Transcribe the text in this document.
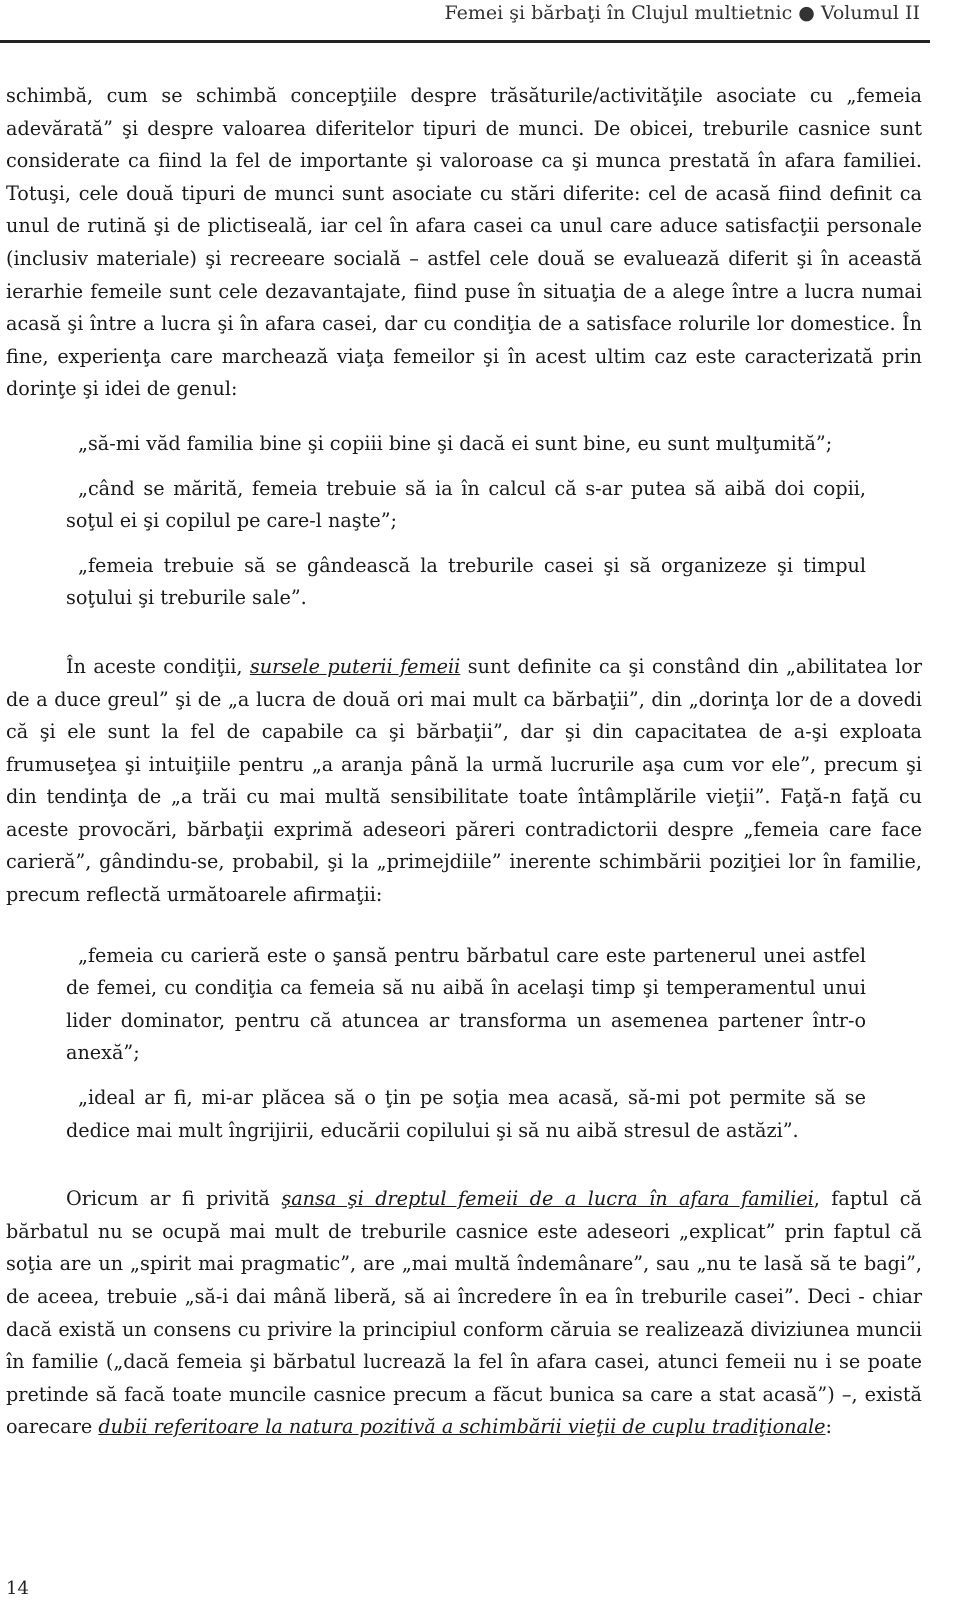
Femei şi bărbaţi în Clujul multietnic ● Volumul II

schimbă, cum se schimbă concepţiile despre trăsăturile/activităţile asociate cu „femeia adevărată” şi despre valoarea diferitelor tipuri de munci. De obicei, treburile casnice sunt considerate ca fiind la fel de importante şi valoroase ca şi munca prestată în afara familiei. Totuşi, cele două tipuri de munci sunt asociate cu stări diferite: cel de acasă fiind definit ca unul de rutină şi de plictiseală, iar cel în afara casei ca unul care aduce satisfacţii personale (inclusiv materiale) şi recreeare socială – astfel cele două se evaluează diferit şi în această ierarhie femeile sunt cele dezavantajate, fiind puse în situaţia de a alege între a lucra numai acasă şi între a lucra şi în afara casei, dar cu condiţia de a satisface rolurile lor domestice. În fine, experienţa care marchează viaţa femeilor şi în acest ultim caz este caracterizată prin dorinţe şi idei de genul:

„să-mi văd familia bine şi copiii bine şi dacă ei sunt bine, eu sunt mulţumită”;

„când se mărită, femeia trebuie să ia în calcul că s-ar putea să aibă doi copii, soţul ei şi copilul pe care-l naşte”;

„femeia trebuie să se gândească la treburile casei şi să organizeze şi timpul soţului şi treburile sale”.

În aceste condiţii, sursele puterii femeii sunt definite ca şi constând din „abilitatea lor de a duce greul” şi de „a lucra de două ori mai mult ca bărbaţii”, din „dorinţa lor de a dovedi că şi ele sunt la fel de capabile ca şi bărbaţii”, dar şi din capacitatea de a-şi exploata frumuseţea şi intuiţiile pentru „a aranja până la urmă lucrurile aşa cum vor ele”, precum şi din tendinţa de „a trăi cu mai multă sensibilitate toate întâmplările vieţii”. Faţă-n faţă cu aceste provocări, bărbaţii exprimă adeseori păreri contradictorii despre „femeia care face carieră”, gândindu-se, probabil, şi la „primejdiile” inerente schimbării poziţiei lor în familie, precum reflectă următoarele afirmaţii:

„femeia cu carieră este o şansă pentru bărbatul care este partenerul unei astfel de femei, cu condiţia ca femeia să nu aibă în acelaşi timp şi temperamentul unui lider dominator, pentru că atuncea ar transforma un asemenea partener într-o anexă”;

„ideal ar fi, mi-ar plăcea să o ţin pe soţia mea acasă, să-mi pot permite să se dedice mai mult îngrijirii, educării copilului şi să nu aibă stresul de astăzi”.

Oricum ar fi privită şansa şi dreptul femeii de a lucra în afara familiei, faptul că bărbatul nu se ocupă mai mult de treburile casnice este adeseori „explicat” prin faptul că soţia are un „spirit mai pragmatic”, are „mai multă îndemânare”, sau „nu te lasă să te bagi”, de aceea, trebuie „să-i dai mână liberă, să ai încredere în ea în treburile casei”. Deci - chiar dacă există un consens cu privire la principiul conform căruia se realizează diviziunea muncii în familie („dacă femeia şi bărbatul lucrează la fel în afara casei, atunci femeii nu i se poate pretinde să facă toate muncile casnice precum a făcut bunica sa care a stat acasă”) –, există oarecare dubii referitoare la natura pozitivă a schimbării vieţii de cuplu tradiţionale:

14
